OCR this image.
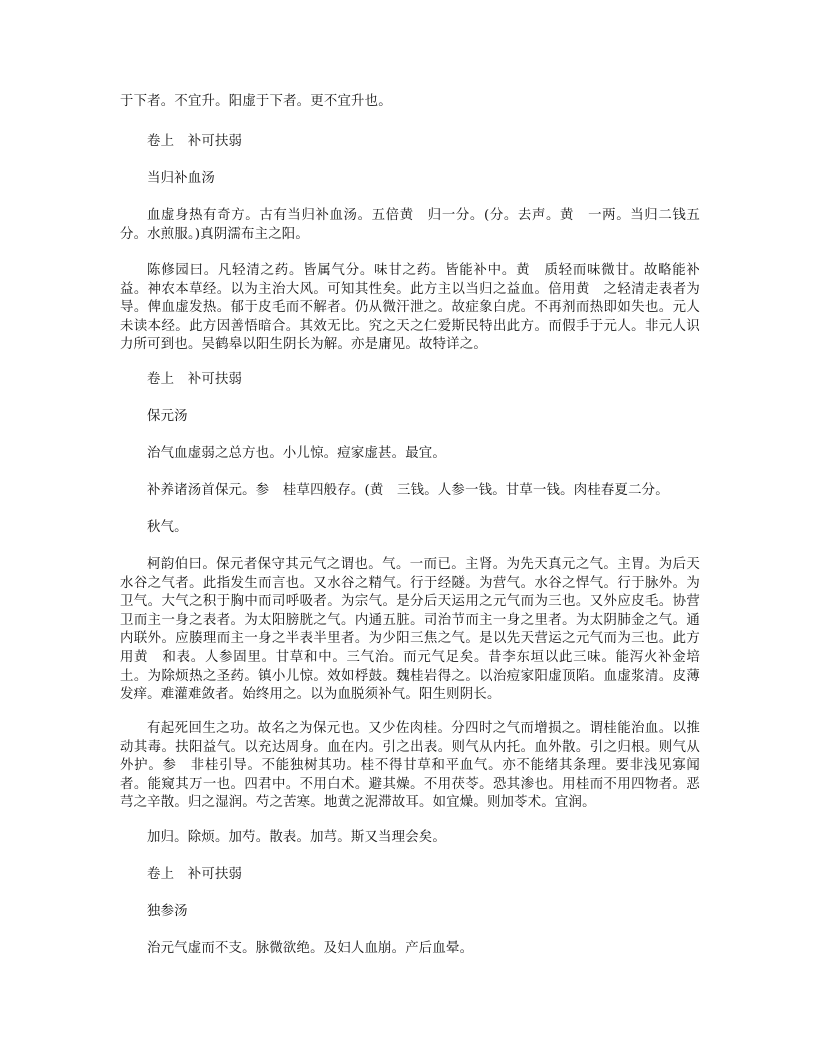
于下者。不宜升。阳虚于下者。更不宜升也。

卷上　补可扶弱

当归补血汤

血虚身热有奇方。古有当归补血汤。五倍黄　归一分。(分。去声。黄　一两。当归二钱五分。水煎服。)真阴濡布主之阳。

陈修园曰。凡轻清之药。皆属气分。味甘之药。皆能补中。黄　质轻而味微甘。故略能补益。神农本草经。以为主治大风。可知其性矣。此方主以当归之益血。倍用黄　之轻清走表者为导。俾血虚发热。郁于皮毛而不解者。仍从微汗泄之。故症象白虎。不再剂而热即如失也。元人未读本经。此方因善悟暗合。其效无比。究之天之仁爱斯民特出此方。而假手于元人。非元人识力所可到也。吴鹤皋以阳生阴长为解。亦是庸见。故特详之。

卷上　补可扶弱

保元汤

治气血虚弱之总方也。小儿惊。痘家虚甚。最宜。

补养诸汤首保元。参　桂草四般存。(黄　三钱。人参一钱。甘草一钱。肉桂春夏二分。

秋气。

柯韵伯曰。保元者保守其元气之谓也。气。一而已。主肾。为先天真元之气。主胃。为后天水谷之气者。此指发生而言也。又水谷之精气。行于经隧。为营气。水谷之悍气。行于脉外。为卫气。大气之积于胸中而司呼吸者。为宗气。是分后天运用之元气而为三也。又外应皮毛。协营卫而主一身之表者。为太阳膀胱之气。内通五脏。司治节而主一身之里者。为太阴肺金之气。通内联外。应腠理而主一身之半表半里者。为少阳三焦之气。是以先天营运之元气而为三也。此方用黄　和表。人参固里。甘草和中。三气治。而元气足矣。昔李东垣以此三味。能泻火补金培土。为除烦热之圣药。镇小儿惊。效如桴鼓。魏桂岩得之。以治痘家阳虚顶陷。血虚浆清。皮薄发痒。难灌难敛者。始终用之。以为血脱须补气。阳生则阴长。

有起死回生之功。故名之为保元也。又少佐肉桂。分四时之气而增损之。谓桂能治血。以推动其毒。扶阳益气。以充达周身。血在内。引之出表。则气从内托。血外散。引之归根。则气从外护。参　非桂引导。不能独树其功。桂不得甘草和平血气。亦不能绪其条理。要非浅见寡闻者。能窥其万一也。四君中。不用白术。避其燥。不用茯苓。恐其渗也。用桂而不用四物者。恶芎之辛散。归之湿润。芍之苦寒。地黄之泥滞故耳。如宜燥。则加苓术。宜润。

加归。除烦。加芍。散表。加芎。斯又当理会矣。

卷上　补可扶弱

独参汤

治元气虚而不支。脉微欲绝。及妇人血崩。产后血晕。
